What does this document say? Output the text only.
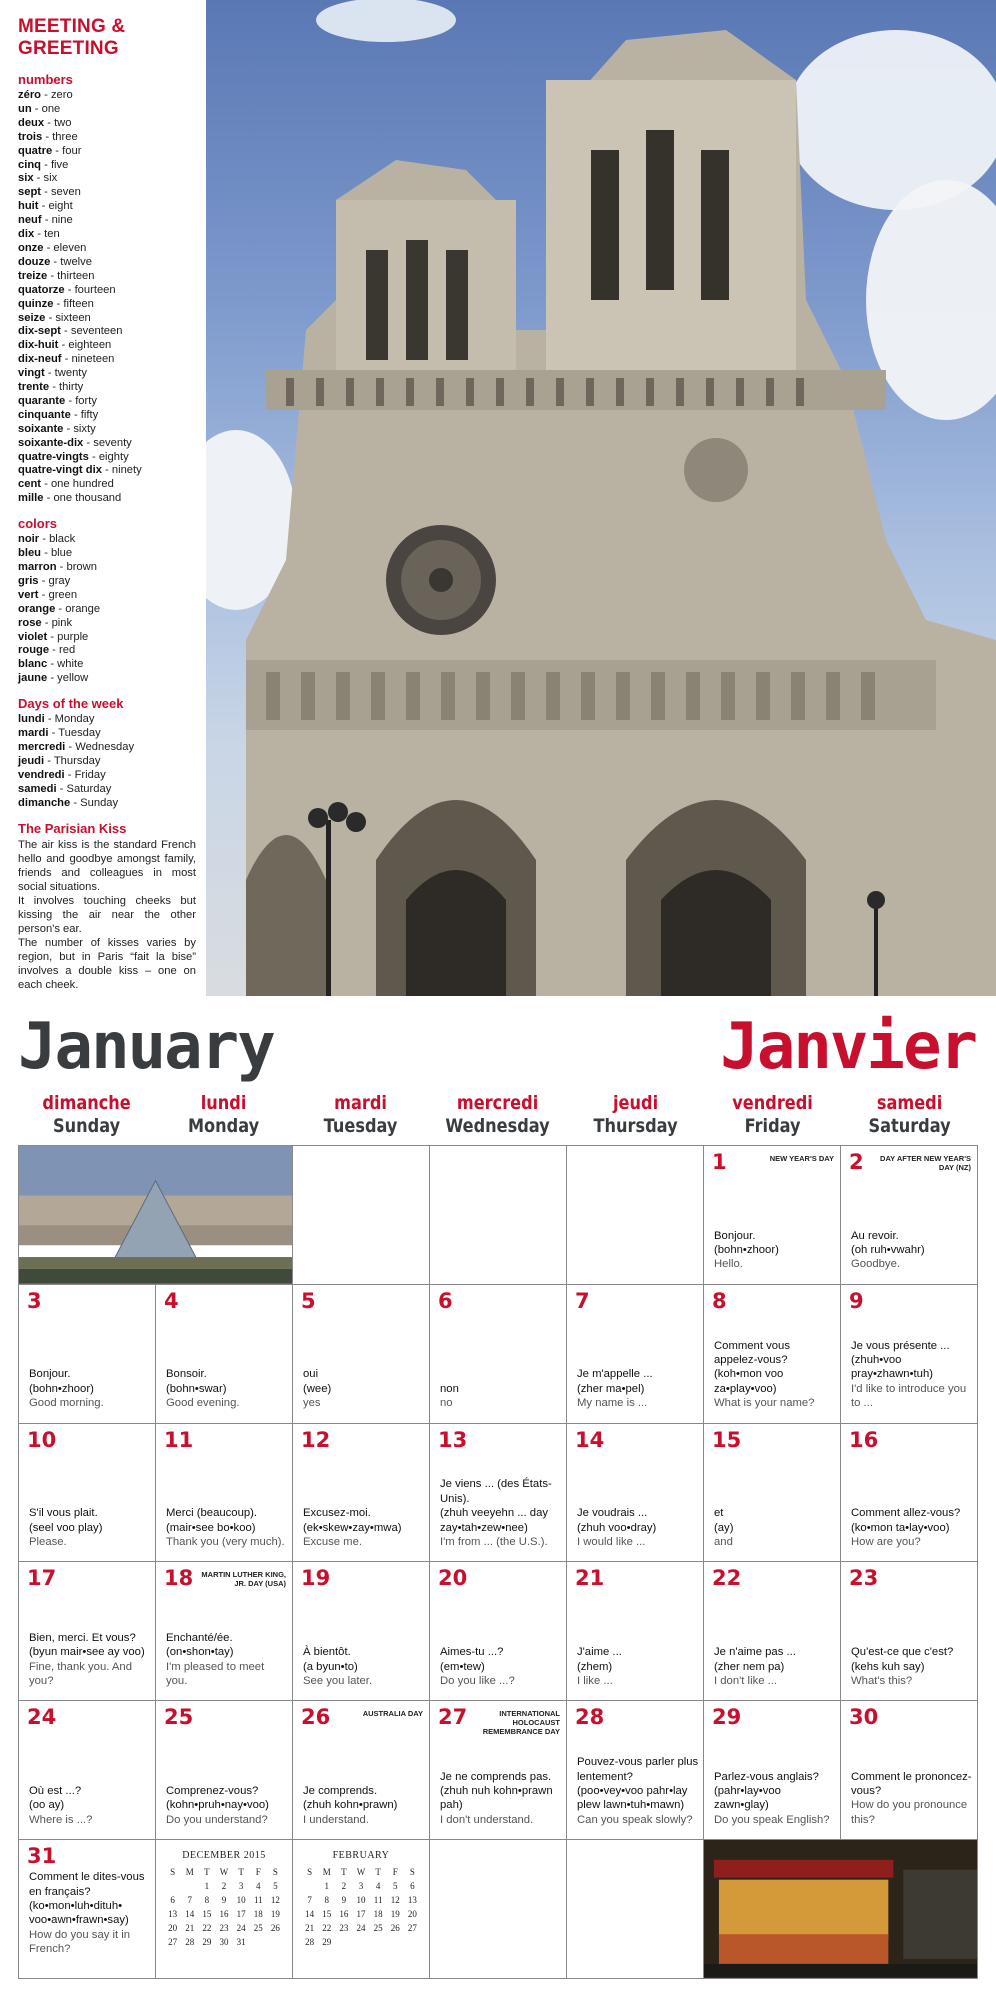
MEETING & GREETING
numbers
zéro - zero
un - one
deux - two
trois - three
quatre - four
cinq - five
six - six
sept - seven
huit - eight
neuf - nine
dix - ten
onze - eleven
douze - twelve
treize - thirteen
quatorze - fourteen
quinze - fifteen
seize - sixteen
dix-sept - seventeen
dix-huit - eighteen
dix-neuf - nineteen
vingt - twenty
trente - thirty
quarante - forty
cinquante - fifty
soixante - sixty
soixante-dix - seventy
quatre-vingts - eighty
quatre-vingt dix - ninety
cent - one hundred
mille - one thousand
colors
noir - black
bleu - blue
marron - brown
gris - gray
vert - green
orange - orange
rose - pink
violet - purple
rouge - red
blanc - white
jaune - yellow
Days of the week
lundi - Monday
mardi - Tuesday
mercredi - Wednesday
jeudi - Thursday
vendredi - Friday
samedi - Saturday
dimanche - Sunday
The Parisian Kiss

The air kiss is the standard French hello and goodbye amongst family, friends and colleagues in most social situations.

It involves touching cheeks but kissing the air near the other person's ear.

The number of kisses varies by region, but in Paris “fait la bise” involves a double kiss – one on each cheek.

January	Janvier
dimanche
Sunday
lundi
Monday
mardi
Tuesday
mercredi
Wednesday
jeudi
Thursday
vendredi
Friday
samedi
Saturday
1	NEW YEAR'S DAY
Bonjour.
(bohn•zhoor)
Hello.
2 DAY AFTER NEW YEAR'S DAY (NZ)
Au revoir.
(oh ruh•vwahr)
Goodbye.
3
Bonjour.
(bohn•zhoor)
Good morning.
4
Bonsoir.
(bohn•swar)
Good evening.
5
oui
(wee)
yes
6
non
no
7
Je m'appelle ...
(zher ma•pel)
My name is ...
8
Comment vous appelez-vous?
(koh•mon voo za•play•voo)
What is your name?
9
Je vous présente ...
(zhuh•voo pray•zhawn•tuh)
I'd like to introduce you to ...
10
S'il vous plait.
(seel voo play)
Please.
11
Merci (beaucoup).
(mair•see bo•koo)
Thank you (very much).
12
Excusez-moi.
(ek•skew•zay•mwa)
Excuse me.
13
Je viens ... (des États-Unis).
(zhuh veeyehn ... day zay•tah•zew•nee)
I'm from ... (the U.S.).
14
Je voudrais ...
(zhuh voo•dray)
I would like ...
15
et
(ay)
and
16
Comment allez-vous?
(ko•mon ta•lay•voo)
How are you?
17
Bien, merci. Et vous?
(byun mair•see ay voo)
Fine, thank you. And you?
18	MARTIN LUTHER KING, JR. DAY (USA)
Enchanté/ée.
(on•shon•tay)
I'm pleased to meet you.
19
À bientôt.
(a byun•to)
See you later.
20
Aimes-tu ...?
(em•tew)
Do you like ...?
21
J'aime ...
(zhem)
I like ...
22
Je n'aime pas ...
(zher nem pa)
I don't like ...
23
Qu'est-ce que c'est?
(kehs kuh say)
What's this?
24
Où est ...?
(oo ay)
Where is ...?
25
Comprenez-vous?
(kohn•pruh•nay•voo)
Do you understand?
26	AUSTRALIA DAY
Je comprends.
(zhuh kohn•prawn)
I understand.
27	INTERNATIONAL HOLOCAUST REMEMBRANCE DAY
Je ne comprends pas.
(zhuh nuh kohn•prawn pah)
I don't understand.
28
Pouvez-vous parler plus lentement?
(poo•vey•voo pahr•lay plew lawn•tuh•mawn)
Can you speak slowly?
29
Parlez-vous anglais?
(pahr•lay•voo zawn•glay)
Do you speak English?
30
Comment le prononcez-vous?
How do you pronounce this?
31
Comment le dites-vous en français?
(ko•mon•luh•dituh• voo•awn•frawn•say)
How do you say it in French?
DECEMBER 2015
S	M	T	W	T	F	S
		1	2	3	4	5
6	7	8	9	10	11	12
13	14	15	16	17	18	19
20	21	22	23	24	25	26
27	28	29	30	31		
FEBRUARY
S	M	T	W	T	F	S
	1	2	3	4	5	6
7	8	9	10	11	12	13
14	15	16	17	18	19	20
21	22	23	24	25	26	27
28	29					
